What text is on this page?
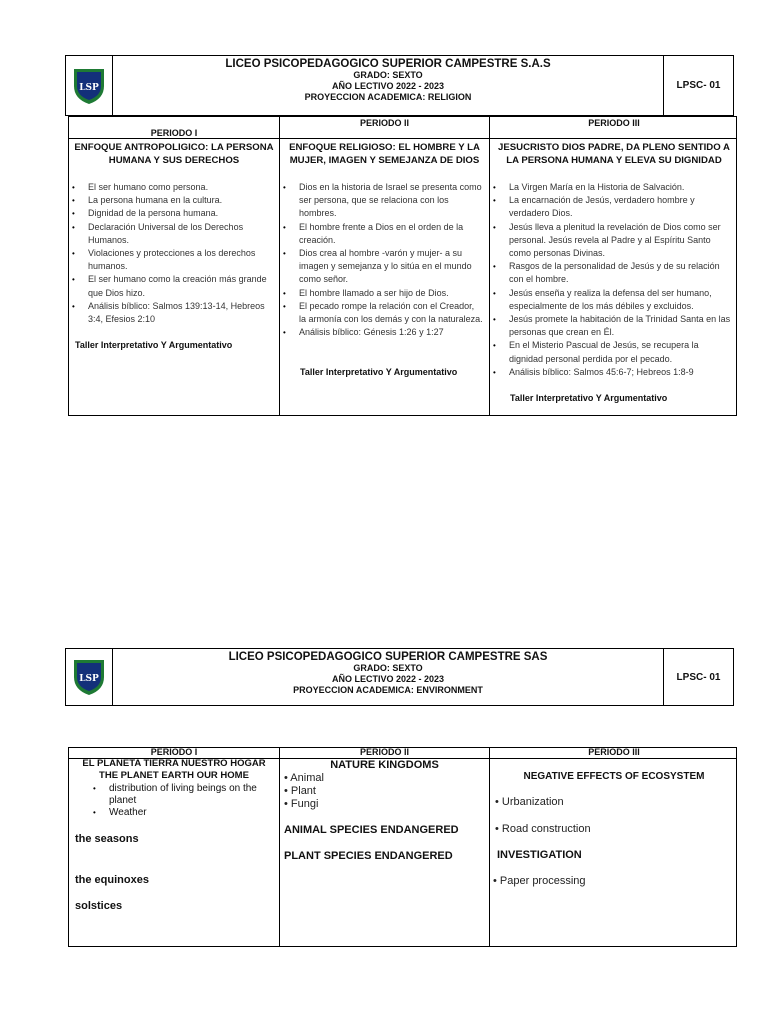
LSP
LICEO PSICOPEDAGOGICO SUPERIOR CAMPESTRE S.A.S
GRADO: SEXTO
AÑO LECTIVO 2022 - 2023
PROYECCION ACADEMICA: RELIGION
LPSC- 01
PERIODO I
ENFOQUE ANTROPOLIGICO: LA PERSONA HUMANA Y SUS DERECHOS
• El ser humano como persona.
• La persona humana en la cultura.
• Dignidad de la persona humana.
• Declaración Universal de los Derechos Humanos.
• Violaciones y protecciones a los derechos humanos.
• El ser humano como la creación más grande que Dios hizo.
• Análisis bíblico: Salmos 139:13-14, Hebreos 3:4, Efesios 2:10
Taller Interpretativo Y Argumentativo
PERIODO II
ENFOQUE RELIGIOSO: EL HOMBRE Y LA MUJER, IMAGEN Y SEMEJANZA DE DIOS
• Dios en la historia de Israel se presenta como ser persona, que se relaciona con los hombres.
• El hombre frente a Dios en el orden de la creación.
• Dios crea al hombre -varón y mujer- a su imagen y semejanza y lo sitúa en el mundo como señor.
• El hombre llamado a ser hijo de Dios.
• El pecado rompe la relación con el Creador, la armonía con los demás y con la naturaleza.
• Análisis bíblico: Génesis 1:26 y 1:27
Taller Interpretativo Y Argumentativo
PERIODO III
JESUCRISTO DIOS PADRE, DA PLENO SENTIDO A LA PERSONA HUMANA Y ELEVA SU DIGNIDAD
• La Virgen María en la Historia de Salvación.
• La encarnación de Jesús, verdadero hombre y verdadero Dios.
• Jesús lleva a plenitud la revelación de Dios como ser personal. Jesús revela al Padre y al Espíritu Santo como personas Divinas.
• Rasgos de la personalidad de Jesús y de su relación con el hombre.
• Jesús enseña y realiza la defensa del ser humano, especialmente de los más débiles y excluidos.
• Jesús promete la habitación de la Trinidad Santa en las personas que crean en Él.
• En el Misterio Pascual de Jesús, se recupera la dignidad personal perdida por el pecado.
• Análisis bíblico: Salmos 45:6-7; Hebreos 1:8-9
Taller Interpretativo Y Argumentativo
LSP
LICEO PSICOPEDAGOGICO SUPERIOR CAMPESTRE SAS
GRADO: SEXTO
AÑO LECTIVO 2022 - 2023
PROYECCION ACADEMICA: ENVIRONMENT
LPSC- 01
PERIODO I
EL PLANETA TIERRA NUESTRO HOGAR
THE PLANET EARTH OUR HOME
• distribution of living beings on the planet
• Weather
the seasons
the equinoxes
solstices
PERIODO II
NATURE KINGDOMS
• Animal
• Plant
• Fungi
ANIMAL SPECIES ENDANGERED
PLANT SPECIES ENDANGERED
PERIODO III
NEGATIVE EFFECTS OF ECOSYSTEM
• Urbanization
• Road construction
INVESTIGATION
• Paper processing
